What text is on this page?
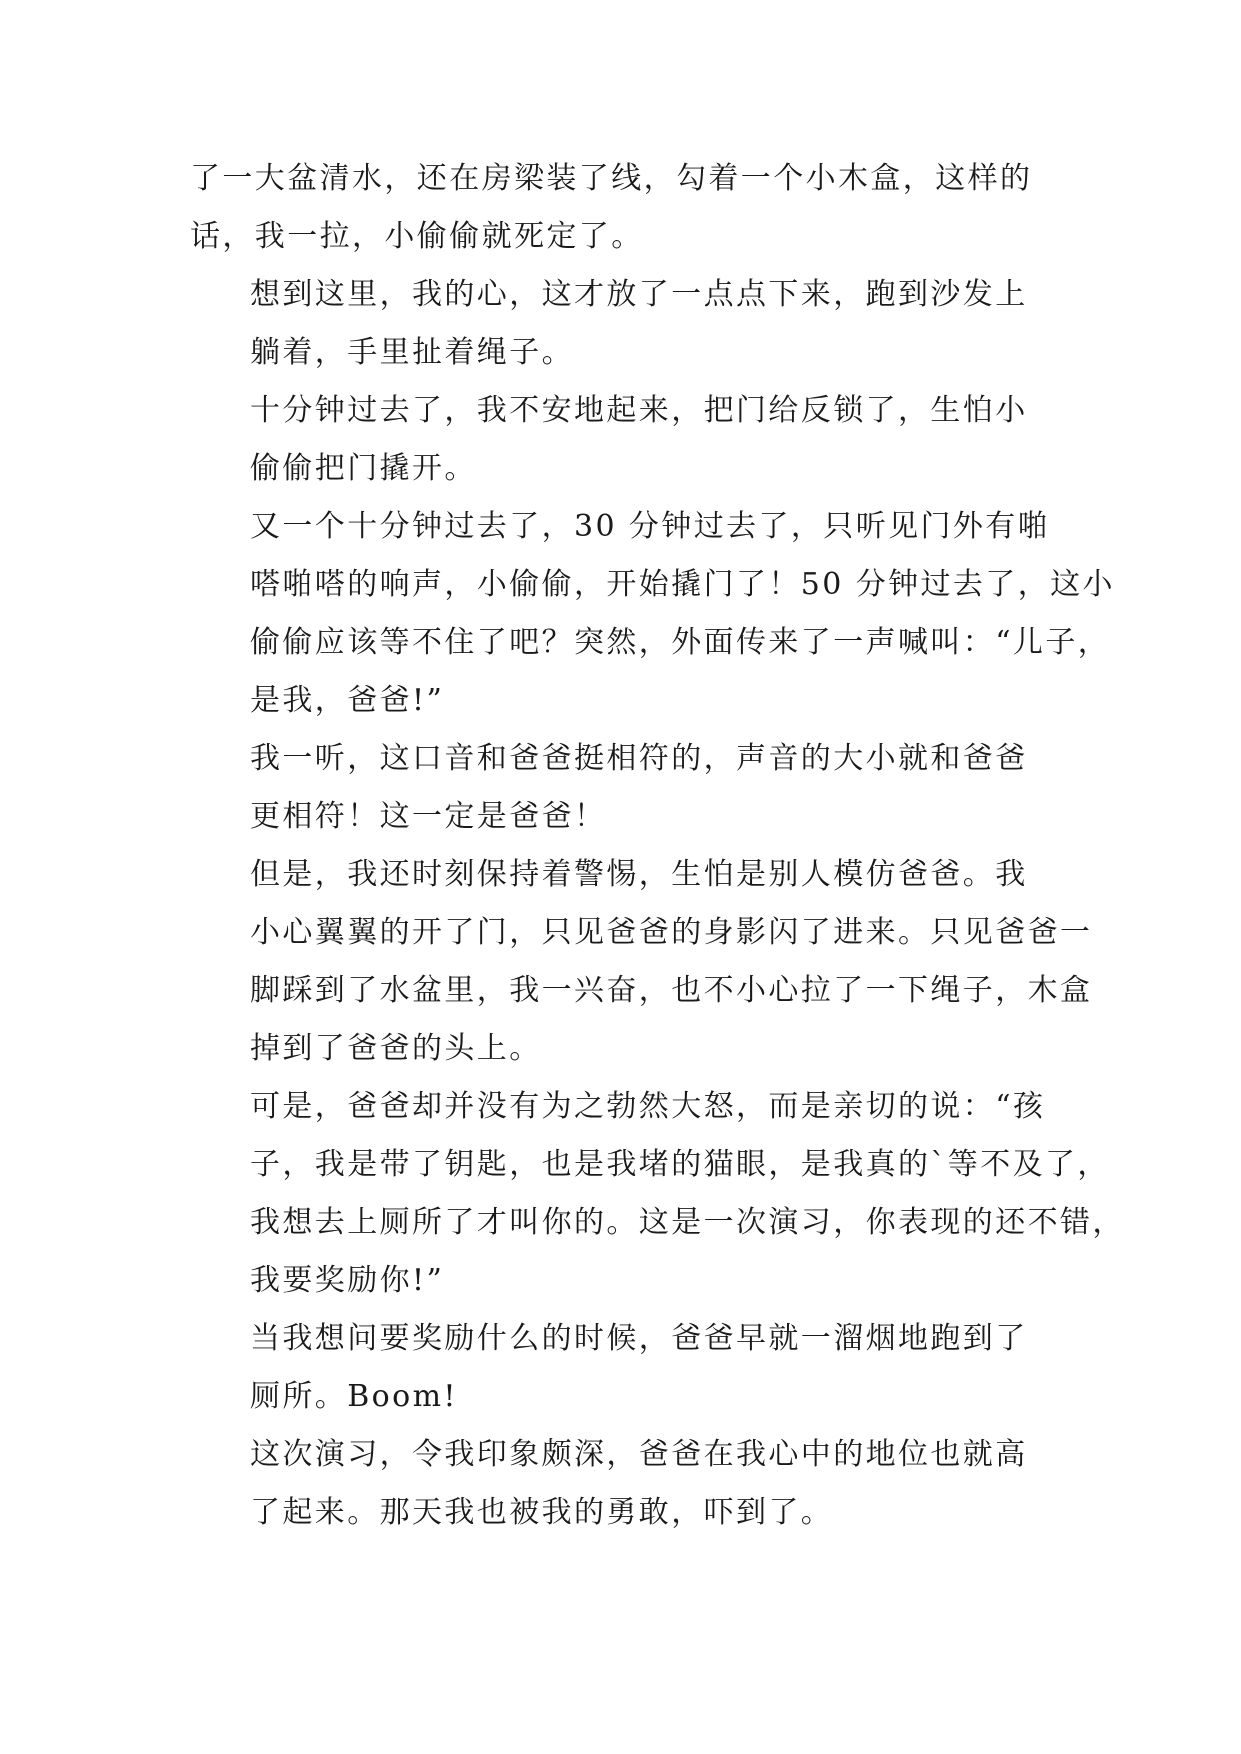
了一大盆清水，还在房梁装了线，勾着一个小木盒，这样的
话，我一拉，小偷偷就死定了。

想到这里，我的心，这才放了一点点下来，跑到沙发上
躺着，手里扯着绳子。

十分钟过去了，我不安地起来，把门给反锁了，生怕小
偷偷把门撬开。

又一个十分钟过去了，30 分钟过去了，只听见门外有啪
嗒啪嗒的响声，小偷偷，开始撬门了！50 分钟过去了，这小
偷偷应该等不住了吧？突然，外面传来了一声喊叫：“儿子，
是我，爸爸!”

我一听，这口音和爸爸挺相符的，声音的大小就和爸爸
更相符！这一定是爸爸！

但是，我还时刻保持着警惕，生怕是别人模仿爸爸。我
小心翼翼的开了门，只见爸爸的身影闪了进来。只见爸爸一
脚踩到了水盆里，我一兴奋，也不小心拉了一下绳子，木盒
掉到了爸爸的头上。

可是，爸爸却并没有为之勃然大怒，而是亲切的说：“孩
子，我是带了钥匙，也是我堵的猫眼，是我真的`等不及了，
我想去上厕所了才叫你的。这是一次演习，你表现的还不错，
我要奖励你!”

当我想问要奖励什么的时候，爸爸早就一溜烟地跑到了
厕所。Boom!

这次演习，令我印象颇深，爸爸在我心中的地位也就高
了起来。那天我也被我的勇敢，吓到了。
